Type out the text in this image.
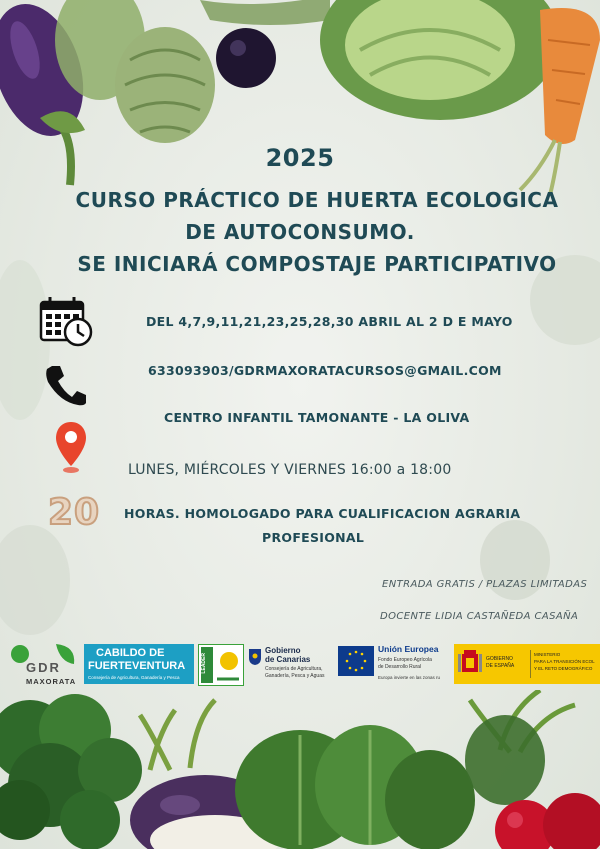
2025
CURSO PRÁCTICO DE HUERTA ECOLOGICA
DE AUTOCONSUMO.
SE INICIARÁ COMPOSTAJE PARTICIPATIVO
DEL 4,7,9,11,21,23,25,28,30 ABRIL AL 2 D E MAYO
633093903/GDRMAXORATACURSOS@GMAIL.COM
CENTRO INFANTIL TAMONANTE - LA OLIVA
LUNES, MIÉRCOLES Y VIERNES 16:00 a 18:00
20 HORAS. HOMOLOGADO PARA CUALIFICACION AGRARIA
PROFESIONAL
ENTRADA GRATIS / PLAZAS LIMITADAS
DOCENTE LIDIA CASTAÑEDA CASAÑA
GDR
MAXORATA
CABILDO DE
FUERTEVENTURA
Consejería de Agricultura, Ganadería y Pesca
LEADER
Gobierno
de Canarias
Consejería de Agricultura,
Ganadería, Pesca y Aguas
Unión Europea
Fondo Europeo Agrícola
de Desarrollo Rural
Europa invierte en las zonas ru
GOBIERNO
DE ESPAÑA
MINISTERIO
PARA LA TRANSICIÓN ECOL
Y EL RETO DEMOGRÁFICO
